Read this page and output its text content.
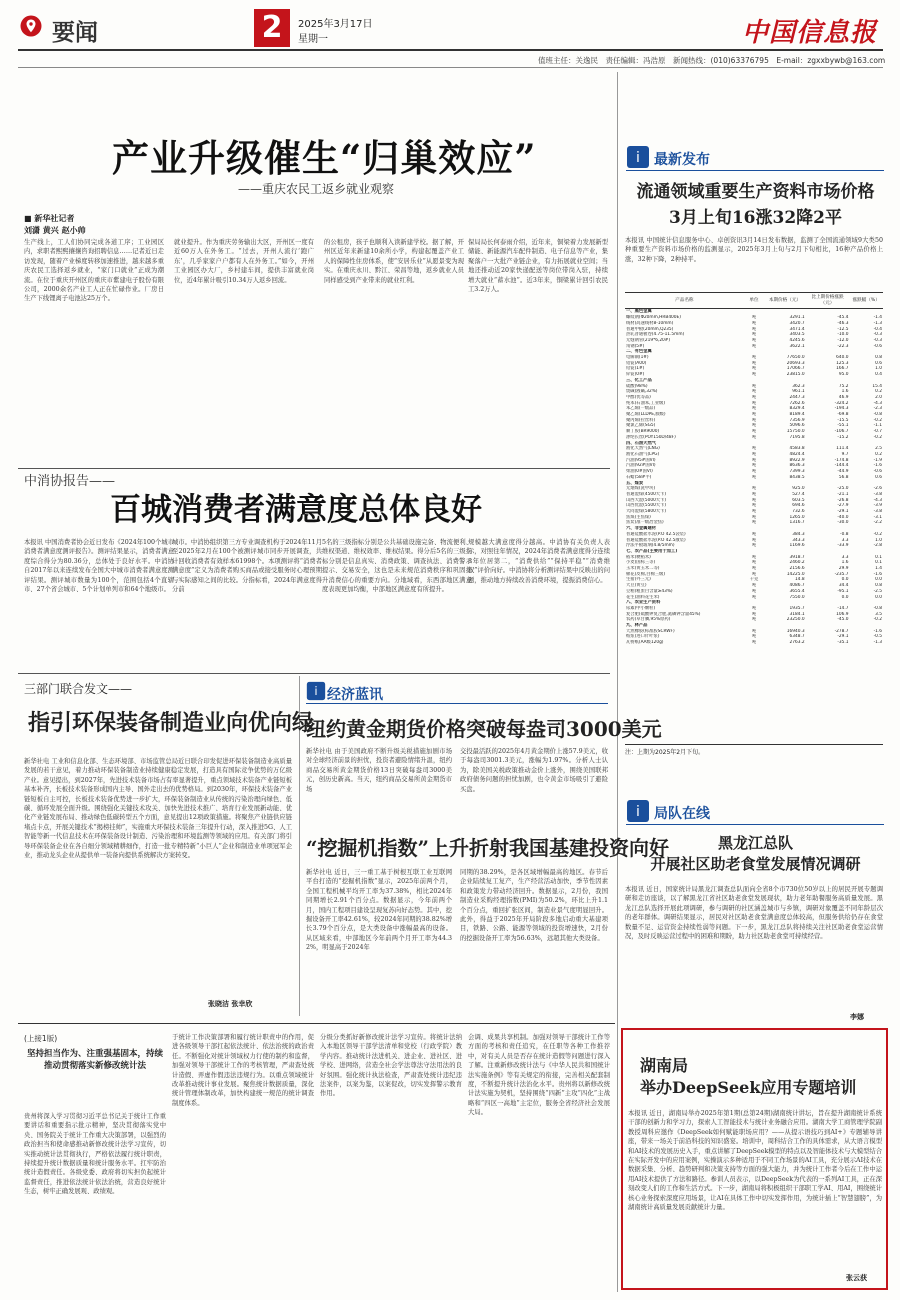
要闻	2	2025年3月17日
星期一	中国信息报
值班主任：关逸民　责任编辑：冯浩原　新闻热线：(010)63376795　E-mail：zgxxbywb@163.com
产业升级催生“归巢效应”
——重庆农民工返乡就业观察
■ 新华社记者
刘潇 黄兴 赵小帅
生产线上，工人们协同完成各道工序；工业园区内，求职者熙熙攘攘咨询招聘信息……记者近日走访发现，随着产业梯度转移加速推进，越来越多重庆农民工选择返乡就业，“家门口就业”正成为潮流。在位于重庆开州区的重庆市紫建电子股份有限公司，2000余名产业工人正在忙碌作业。厂房日生产下线锂离子电池达25万个。
就业提升。作为重庆劳务输出大区，开州区一度有近60万人在外务工。“过去，开州人流行‘跑广东’，几乎家家户户都有人在外务工。”如今，开州工业园区办大厂，乡村建车间，提供丰富就业岗位，近4年累计吸引10.34万人返乡回流。
的公租房，孩子也顺利入读新建学校。据了解，开州区近年来新建10余所小学，构建起覆盖产业工人的保障性住房体系，使“安居乐业”从愿景变为现实。在重庆永川、黔江、荣昌等地，返乡就业人员同样感受到产业带来的就业红利。
保局局长何泰雨介绍，近年来，铜梁着力发展新型储能、新能源汽车配件制造、电子信息等产业，集聚落户一大批产业链企业，有力拓展就业空间；当地还推动近20家快递配送等岗位带岗入驻，持续增大就业“蓄水池”。近3年来，铜梁累计回引农民工3.2万人。
i 最新发布
流通领域重要生产资料市场价格
3月上旬16涨32降2平
本报讯 中国统计信息服务中心、卓创资讯3月14日发布数据，监测了全国流通领域9大类50种重要生产资料市场价格的监测显示，2025年3月上旬与2月下旬相比，16种产品价格上涨，32种下降，2种持平。
产品名称	单位	本期价格（元）	比上期价格涨跌（元）	涨跌幅（%）
一、黑色金属				
螺纹钢(Φ20mm,HRB400E)	吨	3291.1	-45.4	-1.4
线材(高速线材8-10mm)	吨	3420.7	-46.3	-1.3
普通中板(20mm,Q235)	吨	3471.4	-12.5	-0.4
热轧普通板卷(4.75-11.5mm)	吨	3403.5	-10.0	-0.3
无缝钢管(219*6,20#)	吨	4245.6	-12.0	-0.3
角钢(5#)	吨	3622.1	-22.3	-0.6
二、有色金属				
电解铜(1#)	吨	77650.0	640.0	0.8
铝锭(A00)	吨	20693.3	125.3	0.6
铅锭(1#)	吨	17066.7	166.7	1.0
锌锭(0#)	吨	23815.0	95.0	0.4
三、化工产品				
硫酸(98%)	吨	362.3	75.2	15.4
烧碱(液碱,32%)	吨	961.1	1.6	0.2
甲醇(优等品)	吨	2447.3	46.9	2.0
纯苯(石油苯,工业级)	吨	7262.6	-324.2	-4.3
苯乙烯(一级品)	吨	8329.4	-194.3	-2.3
聚乙烯(LLDPE,膜级)	吨	8189.4	-69.8	-0.8
聚丙烯(拉丝料)	吨	7356.9	-15.5	-0.2
聚氯乙烯(SG5)	吨	5096.6	-55.1	-1.1
顺丁胶(BR9000)	吨	15750.0	-106.7	-0.7
涤纶长丝(POY150D/48F)	吨	7195.8	-15.2	-0.2
四、石油天然气				
液化天然气(LNG)	吨	4583.8	111.4	2.5
液化石油气(LPG)	吨	4824.4	9.7	0.2
汽油(95#国VI)	吨	8922.9	-174.8	-1.9
汽油(92#国VI)	吨	8636.3	-144.4	-1.6
柴油(0#国VI)	吨	7399.3	-44.9	-0.6
石蜡(58#半)	吨	8438.5	56.8	0.6
五、煤炭				
无烟煤(洗中块)	吨	925.0	-25.0	-2.6
普通混煤(4500大卡)	吨	527.4	-21.1	-3.8
山西大混(5000大卡)	吨	603.5	-26.8	-4.3
山西优混(5500大卡)	吨	694.6	-27.9	-3.9
大同混煤(5800大卡)	吨	732.6	-29.1	-3.8
焦煤(主焦煤)	吨	1265.0	-40.0	-3.1
焦炭(准一级冶金焦)	吨	1316.7	-30.0	-2.2
六、非金属建材				
普通硅酸盐水泥(P.O 42.5袋装)	吨	384.3	-0.8	-0.2
普通硅酸盐水泥(P.O 42.5散装)	吨	343.3	3.3	1.0
浮法平板玻璃(4.8/5mm)	吨	1169.6	-33.9	-2.8
七、农产品(主要用于加工)				
稻米(粳稻米)	吨	3918.7	3.3	0.1
小麦(国标三等)	吨	2460.2	1.6	0.1
玉米(黄玉米二等)	吨	2156.6	29.9	1.4
棉花(皮棉,白棉三级)	吨	14225.0	-235.7	-1.6
生猪(外三元)	千克	14.8	0.0	0.0
大豆(黄豆)	吨	4086.7	34.4	0.8
豆粕(粗蛋白含量≥43%)	吨	3655.4	-95.1	-2.5
花生(油料花生米)	吨	7550.0	0.0	0.0
八、农业生产资料				
尿素(中小颗粒)	吨	1935.7	-14.7	-0.8
复合肥(硫酸钾复合肥,氮磷钾含量45%)	吨	3184.1	106.9	3.5
农药(草甘膦,95%原药)	吨	23250.0	-45.0	-0.2
九、林产品				
天然橡胶(标准胶SCRWF)	吨	16940.3	-278.7	-1.6
纸浆(进口针叶浆)	吨	6348.7	-29.1	-0.5
瓦楞纸(AA级120g)	吨	2763.2	-35.1	-1.3
注：上期为2025年2月下旬。
i 局队在线
黑龙江总队
开展社区助老食堂发展情况调研
本报讯 近日，国家统计局黑龙江调查总队面向全省8个市730位50岁以上的居民开展专题调研和走访座谈，以了解黑龙江省社区助老食堂发展现状，助力老年助餐服务高质量发展。黑龙江总队选择开展此项调研，参与调研的社区涵盖城市与乡镇，调研对象覆盖不同年龄层次的老年群体。调研结果显示，居民对社区助老食堂满意度总体较高，但服务供给仍存在食堂数量不足、运营资金持续性弱等问题。下一步，黑龙江总队将持续关注社区助老食堂运营情况，及时反映运营过程中的困难和期盼，助力社区助老食堂可持续经营。
李娜
湖南局
举办DeepSeek应用专题培训
本报讯 近日，湖南局举办2025年第1期(总第24期)湖南统计讲坛，旨在提升湖南统计系统干部的创新力和学习力，探索人工智能技术与统计业务融合应用。湖南大学工商管理学院副教授周科应邀作《DeepSeek如何赋能职场应用？——从提示语技巧到AI+》专题辅导讲座，带来一场关于前沿科技的知识盛宴。培训中，周科结合工作的具体需求，从大语言模型和AI技术的发展历史入手，重点讲解了DeepSeek模型的特点以及智能体技术与大模型结合在实际开发中的应用案例，实操演示多种适用于不同工作场景的AI工具，充分展示AI技术在数据采集、分析、趋势研判和决策支持等方面的强大能力，并为统计工作者今后在工作中运用AI技术提供了方法和路径。参训人员表示，以DeepSeek为代表的一系列AI工具，正在深刻改变人们的工作和生活方式。下一步，湖南局将积极组织干部职工学AI、用AI，围绕统计核心业务探索深度应用场景，让AI在具体工作中切实发挥作用，为统计插上“智慧翅膀”，为湖南统计高质量发展贡献统计力量。
张云获
中消协报告——
百城消费者满意度总体良好
本报讯 中国消费者协会近日发布《2024年100个城市消费者满意度测评报告》。测评结果显示，消费者满意度综合得分为80.36分，总体处于良好水平。中消协自2017年以来连续发布全国大中城市消费者满意度测评结果。测评城市数量为100个，范围包括4个直辖市、27个省会城市、5个计划单列市和64个地级市。
城市。中消协组织第三方专业调查机构于2024年11月至2025年2月在100个被测评城市同步开展调查，共计回收消费者有效样本61998个。本项测评将“消费者满意度”定义为消费者购买商品或接受服务时心理预期与实际感知之间的比较。分指标看，2024年满意度得分前
5名的三级指标分别是公共基础设施完备、物流便利、维权渠道、维权效率、维权结果。得分后5名的三级指标分别是信息真实、消费政策、调查执法、消费警示提示、交易安全，这也是未来规范消费秩序和巩固提升消费信心的重要方向。分地域看，东西部地区满意度表现更加均衡，中部地区满意度有所提升。
规模越大满意度得分越高。中消协有关负责人表示，对照往年情况，2024年消费者满意度得分连续8年位居第二，“消费供给”“保持平稳”“消费维权”评价向好。中消协将分析测评结果中反映出的问题，推动地方持续改善消费环境，提振消费信心。
三部门联合发文——
指引环保装备制造业向优向绿
新华社电 工业和信息化部、生态环境部、市场监管总局近日联合印发促进环保装备制造业高质量发展的若干意见，着力推动环保装备制造业持续健康稳定发展，打造具有国际竞争优势的万亿级产业。意见提出，到2027年，先进技术装备市场占有率显著提升，重点领域技术装备产业链短板基本补齐，长板技术装备形成国内主导、国外走出去的优势格局。到2030年，环保技术装备产业链短板自主可控，长板技术装备优势进一步扩大，环保装备制造业从传统的污染治理向绿色、低碳、循环发展全面升级。围绕强化关键技术攻关、加快先进技术推广、培育行业发展新动能、优化产业链发展布局、推动绿色低碳转型五个方面，意见提出12项政策措施。将聚焦产业链供应链堵点卡点，开展关键技术“揭榜挂帅”，实施重大环保技术装备三年提升行动，深入推进5G、人工智能等新一代信息技术在环保装备设计制造、污染治理和环境监测等领域的应用。有关部门将引导环保装备企业在各自细分领域精耕细作，打造一批专精特新“小巨人”企业和制造业单项冠军企业，推动龙头企业从提供单一装备向提供系统解决方案转变。
张晓洁 张幸欣
i 经济蓝讯
纽约黄金期货价格突破每盎司3000美元
新华社电 由于美国政府不断升级关税措施加剧市场对全球经济前景的担忧，投资者避险情绪升温，纽约商品交易所黄金期货价格13日突破每盎司3000美元，创历史新高。当天，纽约商品交易所黄金期货市场
交投最活跃的2025年4月黄金期价上涨57.9美元，收于每盎司3001.3美元，涨幅为1.97%。分析人士认为，除美国关税政策推动金价上涨外，围绕美国联邦政府债务问题的担忧加剧，也令黄金市场吸引了避险买盘。
“挖掘机指数”上升折射我国基建投资向好
新华社电 近日，三一重工基于树根互联工业互联网平台打造的“挖掘机指数”显示，2025年前两个月，全国工程机械平均开工率为37.38%，相比2024年同期增长2.91个百分点。数据显示，今年前两个月，国内工程项目建设呈现复苏向好态势。其中，挖掘设备开工率42.61%，较2024年同期的38.82%增长3.79个百分点，是大类设备中涨幅最高的设备。从区域来看，中部地区今年前两个月开工率为44.32%，明显高于2024年
同期的38.29%，是各区域增幅最高的地区。春节后企业陆续复工复产，生产经营活动加快，季节性因素和政策发力带动经济回升。数据显示，2月份，我国制造业采购经理指数(PMI)为50.2%，环比上升1.1个百分点，重回扩张区间，制造业景气度明显回升。此外，得益于2025年开局阶段多地启动重大基建项目，铁路、公路、能源等领域的投资增速快，2月份的挖掘设备开工率为56.63%，远超其他大类设备。
(上接1版)
坚持担当作为、注重强基固本，持续推动贯彻落实新修改统计法
贵州将深入学习贯彻习近平总书记关于统计工作重要讲话和重要指示批示精神，坚决贯彻落实党中央、国务院关于统计工作重大决策部署，以强烈的政治担当和使命感推动新修改统计法学习宣传，切实推动统计法贯彻执行，严格依法履行统计职责，持续提升统计数据质量和统计服务水平。扛牢防治统计造假责任。各级党委、政府将切实担负起统计监督责任，推进依法统计依法治统，营造良好统计生态，树牢正确发展观、政绩观。
于统计工作决策部署和履行统计职责中的作用，促进各级领导干部扛起依法统计、依法治统的政治责任。不断强化对统计领域权力行使的制约和监督，加强对领导干部统计工作的考核管理，严肃查处统计造假、弄虚作假违法违规行为。以重点领域统计改革推动统计事业发展。聚焦统计数据质量，深化统计管理体制改革，加快构建统一规范的统计调查制度体系。
分级分类抓好新修改统计法学习宣传。将统计法纳入本地区领导干部学法清单和党校（行政学院）教学内容。推动统计法进机关、进企业、进社区、进学校、进网络，营造全社会学法尊法守法用法的良好氛围。强化统计执法检查，严肃查处统计违纪违法案件，以案为鉴，以案促改，切实发挥警示教育作用。
会调、成果共享机制。加强对领导干部统计工作等方面的考核和责任追究，在任职等各种工作推荐中，对有关人员是否存在统计造假等问题进行深入了解。注重新修改统计法与《中华人民共和国统计法实施条例》等有关规定的衔接，完善相关配套制度，不断提升统计法治化水平。贵州将以新修改统计法实施为契机，坚持围绕“四新”主攻“四化”主战略和“四区一高地”主定位，服务全省经济社会发展大局。
